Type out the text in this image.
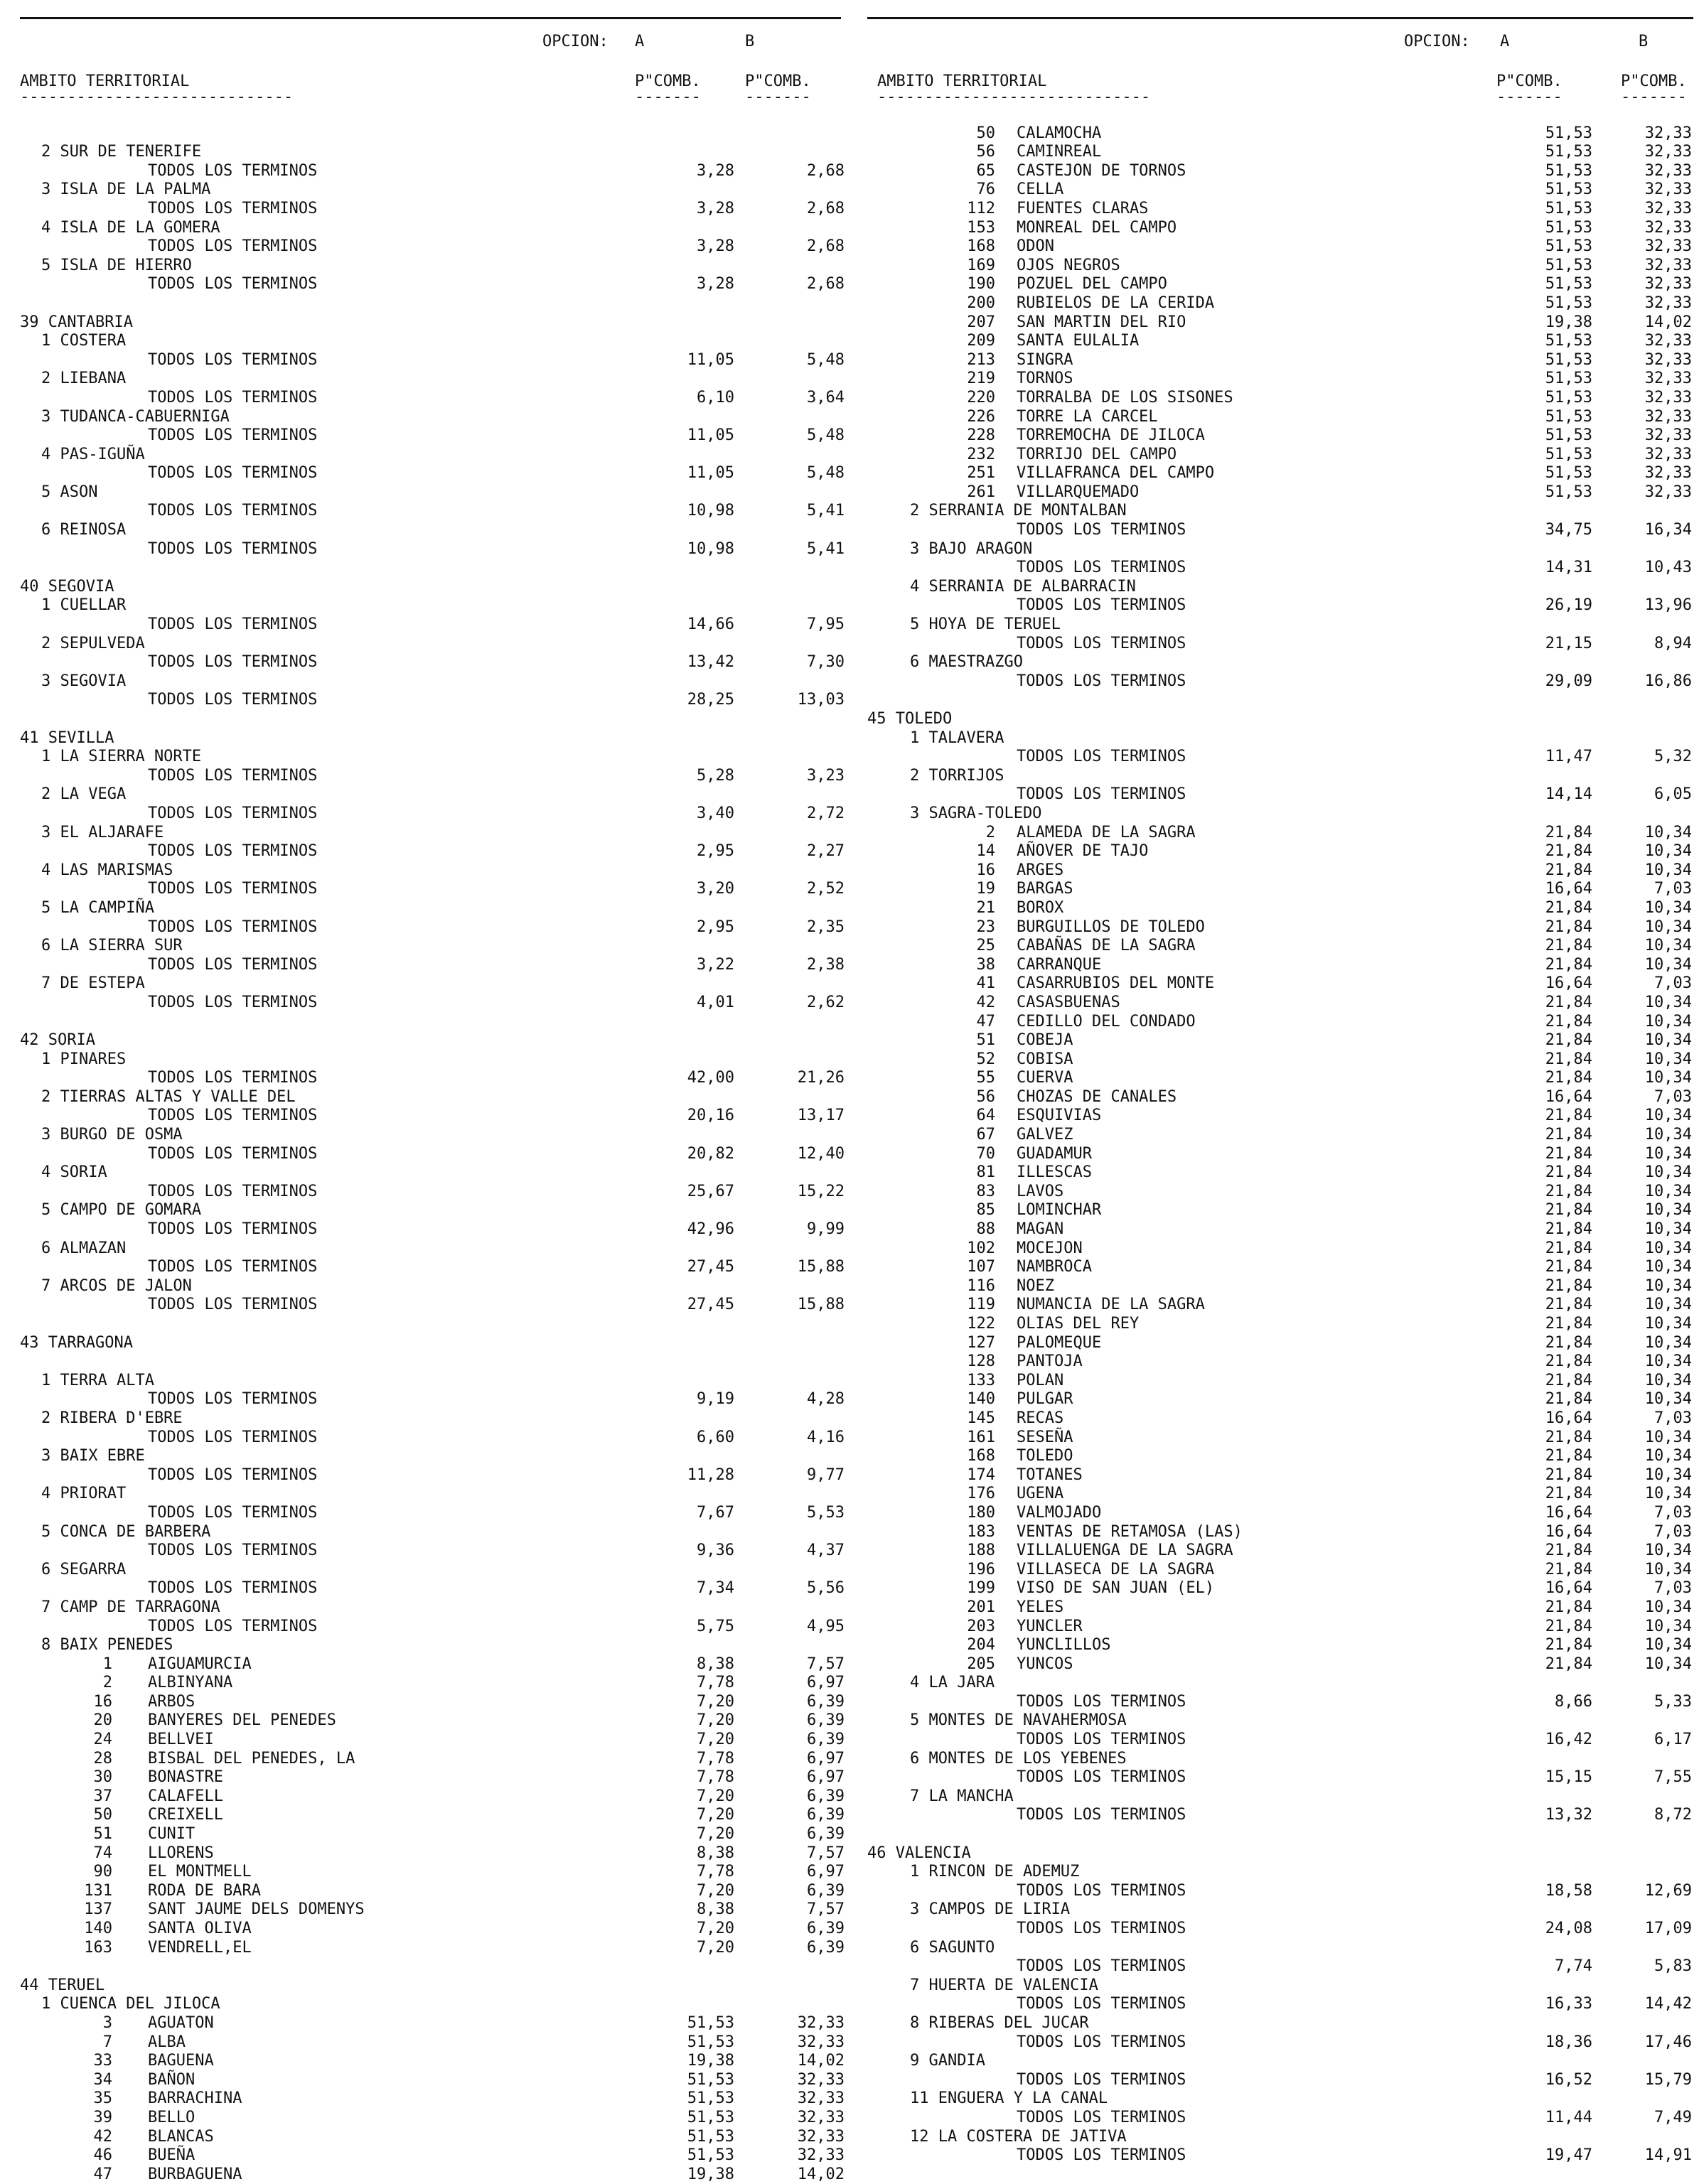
OPCION: A	B
AMBITO TERRITORIAL	P"COMB.	P"COMB.
-----------------------------	-------	-------
2 SUR DE TENERIFE
TODOS LOS TERMINOS	3,28	2,68
3 ISLA DE LA PALMA
TODOS LOS TERMINOS	3,28	2,68
4 ISLA DE LA GOMERA
TODOS LOS TERMINOS	3,28	2,68
5 ISLA DE HIERRO
TODOS LOS TERMINOS	3,28	2,68
39 CANTABRIA
1 COSTERA
TODOS LOS TERMINOS	11,05	5,48
2 LIEBANA
TODOS LOS TERMINOS	6,10	3,64
3 TUDANCA-CABUERNIGA
TODOS LOS TERMINOS	11,05	5,48
4 PAS-IGUÑA
TODOS LOS TERMINOS	11,05	5,48
5 ASON
TODOS LOS TERMINOS	10,98	5,41
6 REINOSA
TODOS LOS TERMINOS	10,98	5,41
40 SEGOVIA
1 CUELLAR
TODOS LOS TERMINOS	14,66	7,95
2 SEPULVEDA
TODOS LOS TERMINOS	13,42	7,30
3 SEGOVIA
TODOS LOS TERMINOS	28,25	13,03
41 SEVILLA
1 LA SIERRA NORTE
TODOS LOS TERMINOS	5,28	3,23
2 LA VEGA
TODOS LOS TERMINOS	3,40	2,72
3 EL ALJARAFE
TODOS LOS TERMINOS	2,95	2,27
4 LAS MARISMAS
TODOS LOS TERMINOS	3,20	2,52
5 LA CAMPIÑA
TODOS LOS TERMINOS	2,95	2,35
6 LA SIERRA SUR
TODOS LOS TERMINOS	3,22	2,38
7 DE ESTEPA
TODOS LOS TERMINOS	4,01	2,62
42 SORIA
1 PINARES
TODOS LOS TERMINOS	42,00	21,26
2 TIERRAS ALTAS Y VALLE DEL
TODOS LOS TERMINOS	20,16	13,17
3 BURGO DE OSMA
TODOS LOS TERMINOS	20,82	12,40
4 SORIA
TODOS LOS TERMINOS	25,67	15,22
5 CAMPO DE GOMARA
TODOS LOS TERMINOS	42,96	9,99
6 ALMAZAN
TODOS LOS TERMINOS	27,45	15,88
7 ARCOS DE JALON
TODOS LOS TERMINOS	27,45	15,88
43 TARRAGONA
1 TERRA ALTA
TODOS LOS TERMINOS	9,19	4,28
2 RIBERA D'EBRE
TODOS LOS TERMINOS	6,60	4,16
3 BAIX EBRE
TODOS LOS TERMINOS	11,28	9,77
4 PRIORAT
TODOS LOS TERMINOS	7,67	5,53
5 CONCA DE BARBERA
TODOS LOS TERMINOS	9,36	4,37
6 SEGARRA
TODOS LOS TERMINOS	7,34	5,56
7 CAMP DE TARRAGONA
TODOS LOS TERMINOS	5,75	4,95
8 BAIX PENEDES
1 AIGUAMURCIA	8,38	7,57
2 ALBINYANA	7,78	6,97
16 ARBOS	7,20	6,39
20 BANYERES DEL PENEDES	7,20	6,39
24 BELLVEI	7,20	6,39
28 BISBAL DEL PENEDES, LA	7,78	6,97
30 BONASTRE	7,78	6,97
37 CALAFELL	7,20	6,39
50 CREIXELL	7,20	6,39
51 CUNIT	7,20	6,39
74 LLORENS	8,38	7,57
90 EL MONTMELL	7,78	6,97
131 RODA DE BARA	7,20	6,39
137 SANT JAUME DELS DOMENYS	8,38	7,57
140 SANTA OLIVA	7,20	6,39
163 VENDRELL,EL	7,20	6,39
44 TERUEL
1 CUENCA DEL JILOCA
3 AGUATON	51,53	32,33
7 ALBA	51,53	32,33
33 BAGUENA	19,38	14,02
34 BAÑON	51,53	32,33
35 BARRACHINA	51,53	32,33
39 BELLO	51,53	32,33
42 BLANCAS	51,53	32,33
46 BUEÑA	51,53	32,33
47 BURBAGUENA	19,38	14,02
OPCION: A	B
AMBITO TERRITORIAL	P"COMB.	P"COMB.
-----------------------------	-------	-------
50 CALAMOCHA	51,53	32,33
56 CAMINREAL	51,53	32,33
65 CASTEJON DE TORNOS	51,53	32,33
76 CELLA	51,53	32,33
112 FUENTES CLARAS	51,53	32,33
153 MONREAL DEL CAMPO	51,53	32,33
168 ODON	51,53	32,33
169 OJOS NEGROS	51,53	32,33
190 POZUEL DEL CAMPO	51,53	32,33
200 RUBIELOS DE LA CERIDA	51,53	32,33
207 SAN MARTIN DEL RIO	19,38	14,02
209 SANTA EULALIA	51,53	32,33
213 SINGRA	51,53	32,33
219 TORNOS	51,53	32,33
220 TORRALBA DE LOS SISONES	51,53	32,33
226 TORRE LA CARCEL	51,53	32,33
228 TORREMOCHA DE JILOCA	51,53	32,33
232 TORRIJO DEL CAMPO	51,53	32,33
251 VILLAFRANCA DEL CAMPO	51,53	32,33
261 VILLARQUEMADO	51,53	32,33
2 SERRANIA DE MONTALBAN
TODOS LOS TERMINOS	34,75	16,34
3 BAJO ARAGON
TODOS LOS TERMINOS	14,31	10,43
4 SERRANIA DE ALBARRACIN
TODOS LOS TERMINOS	26,19	13,96
5 HOYA DE TERUEL
TODOS LOS TERMINOS	21,15	8,94
6 MAESTRAZGO
TODOS LOS TERMINOS	29,09	16,86
45 TOLEDO
1 TALAVERA
TODOS LOS TERMINOS	11,47	5,32
2 TORRIJOS
TODOS LOS TERMINOS	14,14	6,05
3 SAGRA-TOLEDO
2 ALAMEDA DE LA SAGRA	21,84	10,34
14 AÑOVER DE TAJO	21,84	10,34
16 ARGES	21,84	10,34
19 BARGAS	16,64	7,03
21 BOROX	21,84	10,34
23 BURGUILLOS DE TOLEDO	21,84	10,34
25 CABAÑAS DE LA SAGRA	21,84	10,34
38 CARRANQUE	21,84	10,34
41 CASARRUBIOS DEL MONTE	16,64	7,03
42 CASASBUENAS	21,84	10,34
47 CEDILLO DEL CONDADO	21,84	10,34
51 COBEJA	21,84	10,34
52 COBISA	21,84	10,34
55 CUERVA	21,84	10,34
56 CHOZAS DE CANALES	16,64	7,03
64 ESQUIVIAS	21,84	10,34
67 GALVEZ	21,84	10,34
70 GUADAMUR	21,84	10,34
81 ILLESCAS	21,84	10,34
83 LAVOS	21,84	10,34
85 LOMINCHAR	21,84	10,34
88 MAGAN	21,84	10,34
102 MOCEJON	21,84	10,34
107 NAMBROCA	21,84	10,34
116 NOEZ	21,84	10,34
119 NUMANCIA DE LA SAGRA	21,84	10,34
122 OLIAS DEL REY	21,84	10,34
127 PALOMEQUE	21,84	10,34
128 PANTOJA	21,84	10,34
133 POLAN	21,84	10,34
140 PULGAR	21,84	10,34
145 RECAS	16,64	7,03
161 SESEÑA	21,84	10,34
168 TOLEDO	21,84	10,34
174 TOTANES	21,84	10,34
176 UGENA	21,84	10,34
180 VALMOJADO	16,64	7,03
183 VENTAS DE RETAMOSA (LAS)	16,64	7,03
188 VILLALUENGA DE LA SAGRA	21,84	10,34
196 VILLASECA DE LA SAGRA	21,84	10,34
199 VISO DE SAN JUAN (EL)	16,64	7,03
201 YELES	21,84	10,34
203 YUNCLER	21,84	10,34
204 YUNCLILLOS	21,84	10,34
205 YUNCOS	21,84	10,34
4 LA JARA
TODOS LOS TERMINOS	8,66	5,33
5 MONTES DE NAVAHERMOSA
TODOS LOS TERMINOS	16,42	6,17
6 MONTES DE LOS YEBENES
TODOS LOS TERMINOS	15,15	7,55
7 LA MANCHA
TODOS LOS TERMINOS	13,32	8,72
46 VALENCIA
1 RINCON DE ADEMUZ
TODOS LOS TERMINOS	18,58	12,69
3 CAMPOS DE LIRIA
TODOS LOS TERMINOS	24,08	17,09
6 SAGUNTO
TODOS LOS TERMINOS	7,74	5,83
7 HUERTA DE VALENCIA
TODOS LOS TERMINOS	16,33	14,42
8 RIBERAS DEL JUCAR
TODOS LOS TERMINOS	18,36	17,46
9 GANDIA
TODOS LOS TERMINOS	16,52	15,79
11 ENGUERA Y LA CANAL
TODOS LOS TERMINOS	11,44	7,49
12 LA COSTERA DE JATIVA
TODOS LOS TERMINOS	19,47	14,91
